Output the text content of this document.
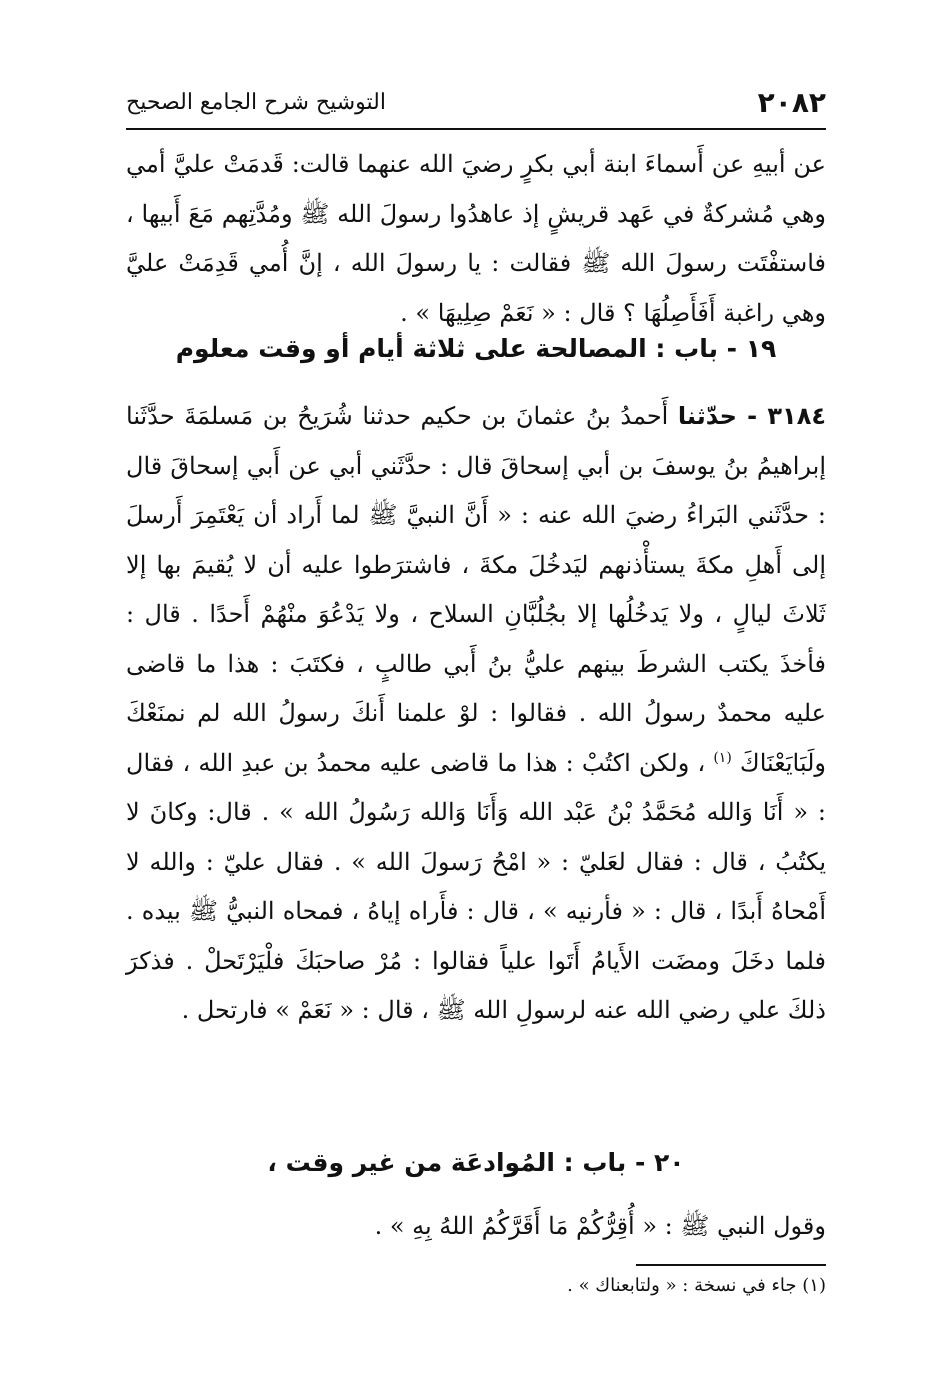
٢٠٨٢
التوشيح شرح الجامع الصحيح

عن أبيهِ عن أَسماءَ ابنة أبي بكرٍ رضيَ الله عنهما قالت: قَدمَتْ عليَّ أمي وهي مُشركةٌ في عَهد قريشٍ إذ عاهدُوا رسولَ الله ﷺ ومُدَّتِهم مَعَ أَبيها ، فاستفْتَت رسولَ الله ﷺ فقالت : يا رسولَ الله ، إنَّ أُمي قَدِمَتْ عليَّ وهي راغبة أَفَأَصِلُهَا ؟ قال : « نَعَمْ صِلِيهَا » .

١٩ - باب : المصالحة على ثلاثة أيام أو وقت معلوم

٣١٨٤ - حدّثنا أَحمدُ بنُ عثمانَ بن حكيم حدثنا شُرَيحُ بن مَسلمَةَ حدَّثَنا إبراهيمُ بنُ يوسفَ بن أبي إسحاقَ قال : حدَّثَني أبي عن أَبي إسحاقَ قال : حدَّثَني البَراءُ رضيَ الله عنه : « أَنَّ النبيَّ ﷺ لما أَراد أن يَعْتَمِرَ أَرسلَ إلى أَهلِ مكةَ يستأْذنهم ليَدخُلَ مكةَ ، فاشترَطوا عليه أن لا يُقيمَ بها إلا ثَلاثَ ليالٍ ، ولا يَدخُلُها إلا بجُلُبَّانِ السلاح ، ولا يَدْعُوَ منْهُمْ أَحدًا . قال : فأخذَ يكتب الشرطَ بينهم عليُّ بنُ أَبي طالبٍ ، فكتَبَ : هذا ما قاضى عليه محمدٌ رسولُ الله . فقالوا : لوْ علمنا أَنكَ رسولُ الله لم نمنَعْكَ ولَبَايَعْنَاكَ $^{(١)}$ ، ولكن اكتُبْ : هذا ما قاضى عليه محمدُ بن عبدِ الله ، فقال : « أَنَا وَالله مُحَمَّدُ بْنُ عَبْد الله وَأَنَا وَالله رَسُولُ الله » . قال: وكانَ لا يكتُبُ ، قال : فقال لعَليّ : « امْحُ رَسولَ الله » . فقال عليّ : والله لا أَمْحاهُ أَبدًا ، قال : « فأرنيه » ، قال : فأَراه إياهُ ، فمحاه النبيُّ ﷺ بيده . فلما دخَلَ ومضَت الأَيامُ أَتَوا علياً فقالوا : مُرْ صاحبَكَ فلْيَرْتَحلْ . فذكرَ ذلكَ علي رضي الله عنه لرسولِ الله ﷺ ، قال : « نَعَمْ » فارتحل .

٢٠ - باب : المُوادعَة من غير وقت ،

وقول النبي ﷺ : « أُقِرُّكُمْ مَا أَقَرَّكُمُ اللهُ بِهِ » .

(١) جاء في نسخة : « ولتابعناك » .
